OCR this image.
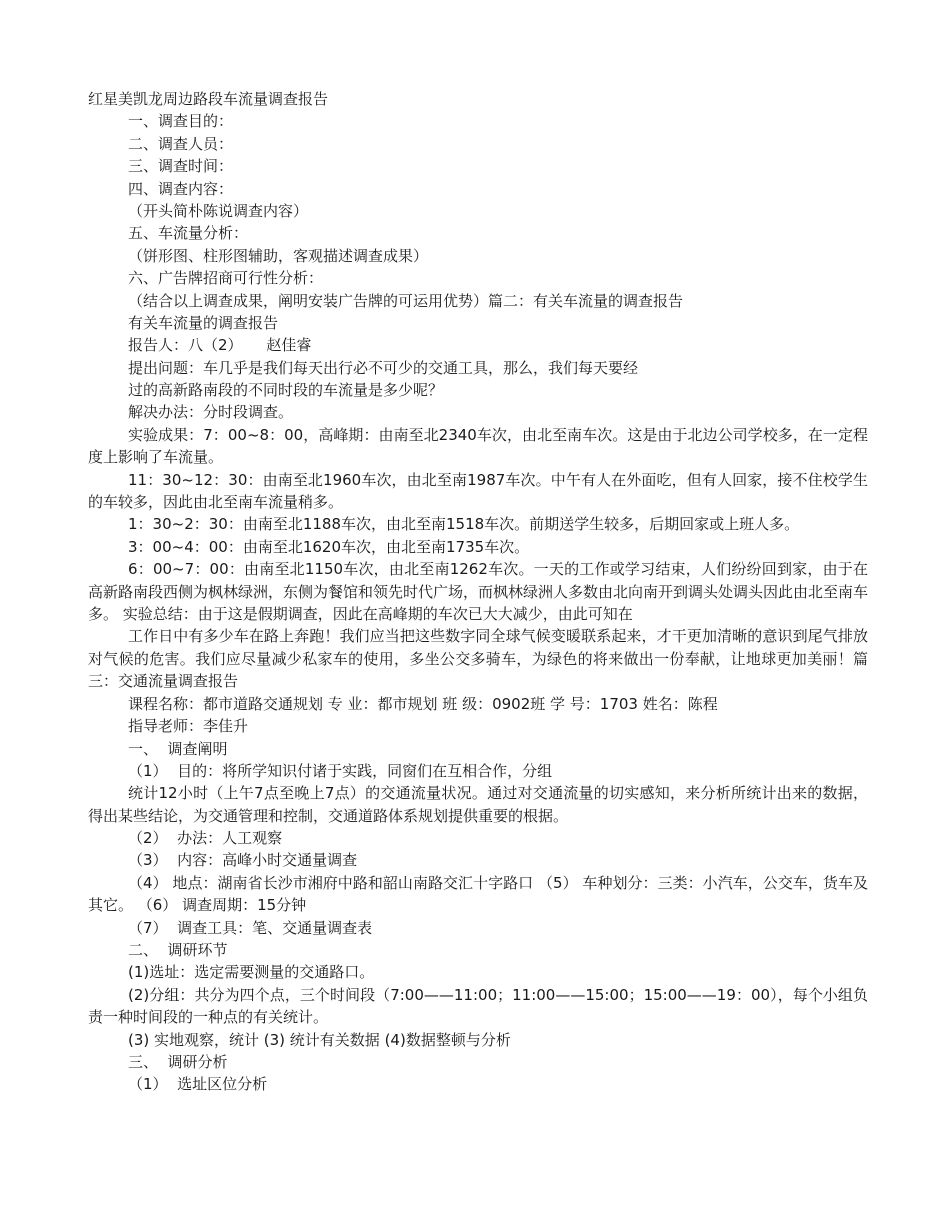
红星美凯龙周边路段车流量调查报告
一、调查目的：
二、调查人员：
三、调查时间：
四、调查内容：
（开头简朴陈说调查内容）
五、车流量分析：
（饼形图、柱形图辅助，客观描述调查成果）
六、广告牌招商可行性分析：
（结合以上调查成果，阐明安装广告牌的可运用优势）篇二：有关车流量的调查报告
有关车流量的调查报告
报告人：八（2）     赵佳睿
提出问题：车几乎是我们每天出行必不可少的交通工具，那么，我们每天要经
过的高新路南段的不同时段的车流量是多少呢？
解决办法：分时段调查。

实验成果：7：00~8：00，高峰期：由南至北2340车次，由北至南车次。这是由于北边公司学校多，在一定程度上影响了车流量。

11：30~12：30：由南至北1960车次，由北至南1987车次。中午有人在外面吃，但有人回家，接不住校学生的车较多，因此由北至南车流量稍多。

1：30~2：30：由南至北1188车次，由北至南1518车次。前期送学生较多，后期回家或上班人多。
3：00~4：00：由南至北1620车次，由北至南1735车次。

6：00~7：00：由南至北1150车次，由北至南1262车次。一天的工作或学习结束，人们纷纷回到家，由于在高新路南段西侧为枫林绿洲，东侧为餐馆和领先时代广场，而枫林绿洲人多数由北向南开到调头处调头因此由北至南车多。 实验总结：由于这是假期调查，因此在高峰期的车次已大大减少，由此可知在

工作日中有多少车在路上奔跑！我们应当把这些数字同全球气候变暖联系起来，才干更加清晰的意识到尾气排放对气候的危害。我们应尽量减少私家车的使用，多坐公交多骑车，为绿色的将来做出一份奉献，让地球更加美丽！篇三：交通流量调查报告

课程名称：都市道路交通规划 专 业：都市规划 班 级：0902班 学 号：1703 姓名：陈程

指导老师：李佳升
一、  调查阐明
（1）  目的：将所学知识付诸于实践，同窗们在互相合作，分组

统计12小时（上午7点至晚上7点）的交通流量状况。通过对交通流量的切实感知，来分析所统计出来的数据，得出某些结论，为交通管理和控制，交通道路体系规划提供重要的根据。

（2）  办法：人工观察
（3）  内容：高峰小时交通量调查

（4） 地点：湖南省长沙市湘府中路和韶山南路交汇十字路口 （5） 车种划分：三类：小汽车，公交车，货车及其它。 （6） 调查周期：15分钟

（7）  调查工具：笔、交通量调查表
二、  调研环节
(1)选址：选定需要测量的交通路口。

(2)分组：共分为四个点，三个时间段（7:00——11:00；11:00——15:00；15:00——19：00），每个小组负责一种时间段的一种点的有关统计。

(3) 实地观察，统计 (3) 统计有关数据 (4)数据整顿与分析
三、  调研分析
（1）  选址区位分析
